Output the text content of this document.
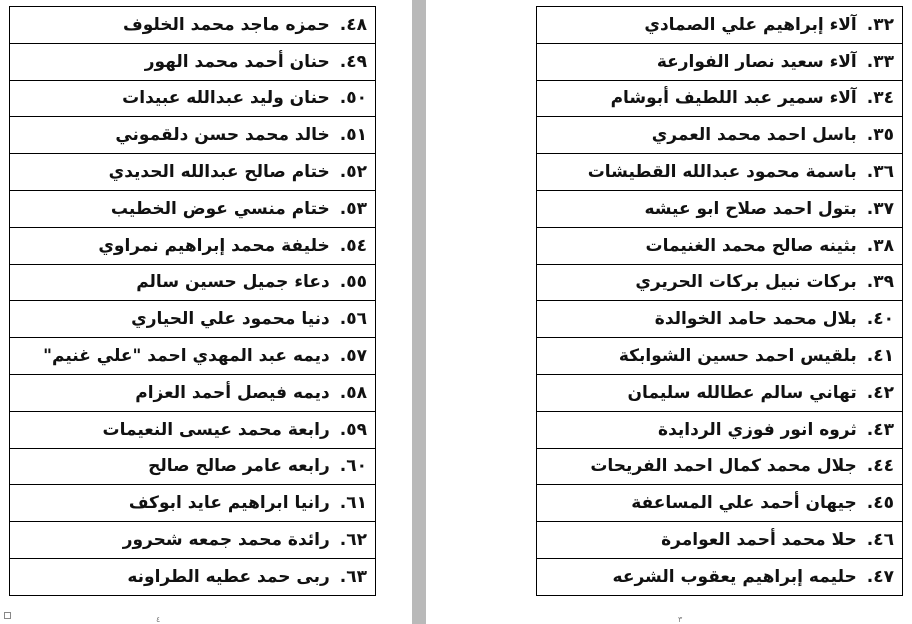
٤٨.حمزه ماجد محمد الخلوف
٤٩.حنان أحمد محمد الهور
٥٠.حنان وليد عبدالله عبيدات
٥١.خالد محمد حسن دلقموني
٥٢.ختام صالح عبدالله الحديدي
٥٣.ختام منسي عوض الخطيب
٥٤.خليفة محمد إبراهيم نمراوي
٥٥.دعاء جميل حسين سالم
٥٦.دنيا محمود علي الحياري
٥٧.ديمه عبد المهدي احمد "علي غنيم"
٥٨.ديمه فيصل أحمد العزام
٥٩.رابعة محمد عيسى النعيمات
٦٠.رابعه عامر صالح صالح
٦١.رانيا ابراهيم عايد ابوكف
٦٢.رائدة محمد جمعه شحرور
٦٣.ربى حمد عطيه الطراونه
٤
٣٢.آلاء إبراهيم علي الصمادي
٣٣.آلاء سعيد نصار الفوارعة
٣٤.آلاء سمير عبد اللطيف أبوشام
٣٥.باسل احمد محمد العمري
٣٦.باسمة محمود عبدالله القطيشات
٣٧.بتول احمد صلاح ابو عيشه
٣٨.بثينه صالح محمد الغنيمات
٣٩.بركات نبيل بركات الحريري
٤٠.بلال محمد حامد الخوالدة
٤١.بلقيس احمد حسين الشوابكة
٤٢.تهاني سالم عطالله سليمان
٤٣.ثروه انور فوزي الردايدة
٤٤.جلال محمد كمال احمد الفريحات
٤٥.جيهان أحمد علي المساعفة
٤٦.حلا محمد أحمد العوامرة
٤٧.حليمه إبراهيم يعقوب الشرعه
٣
